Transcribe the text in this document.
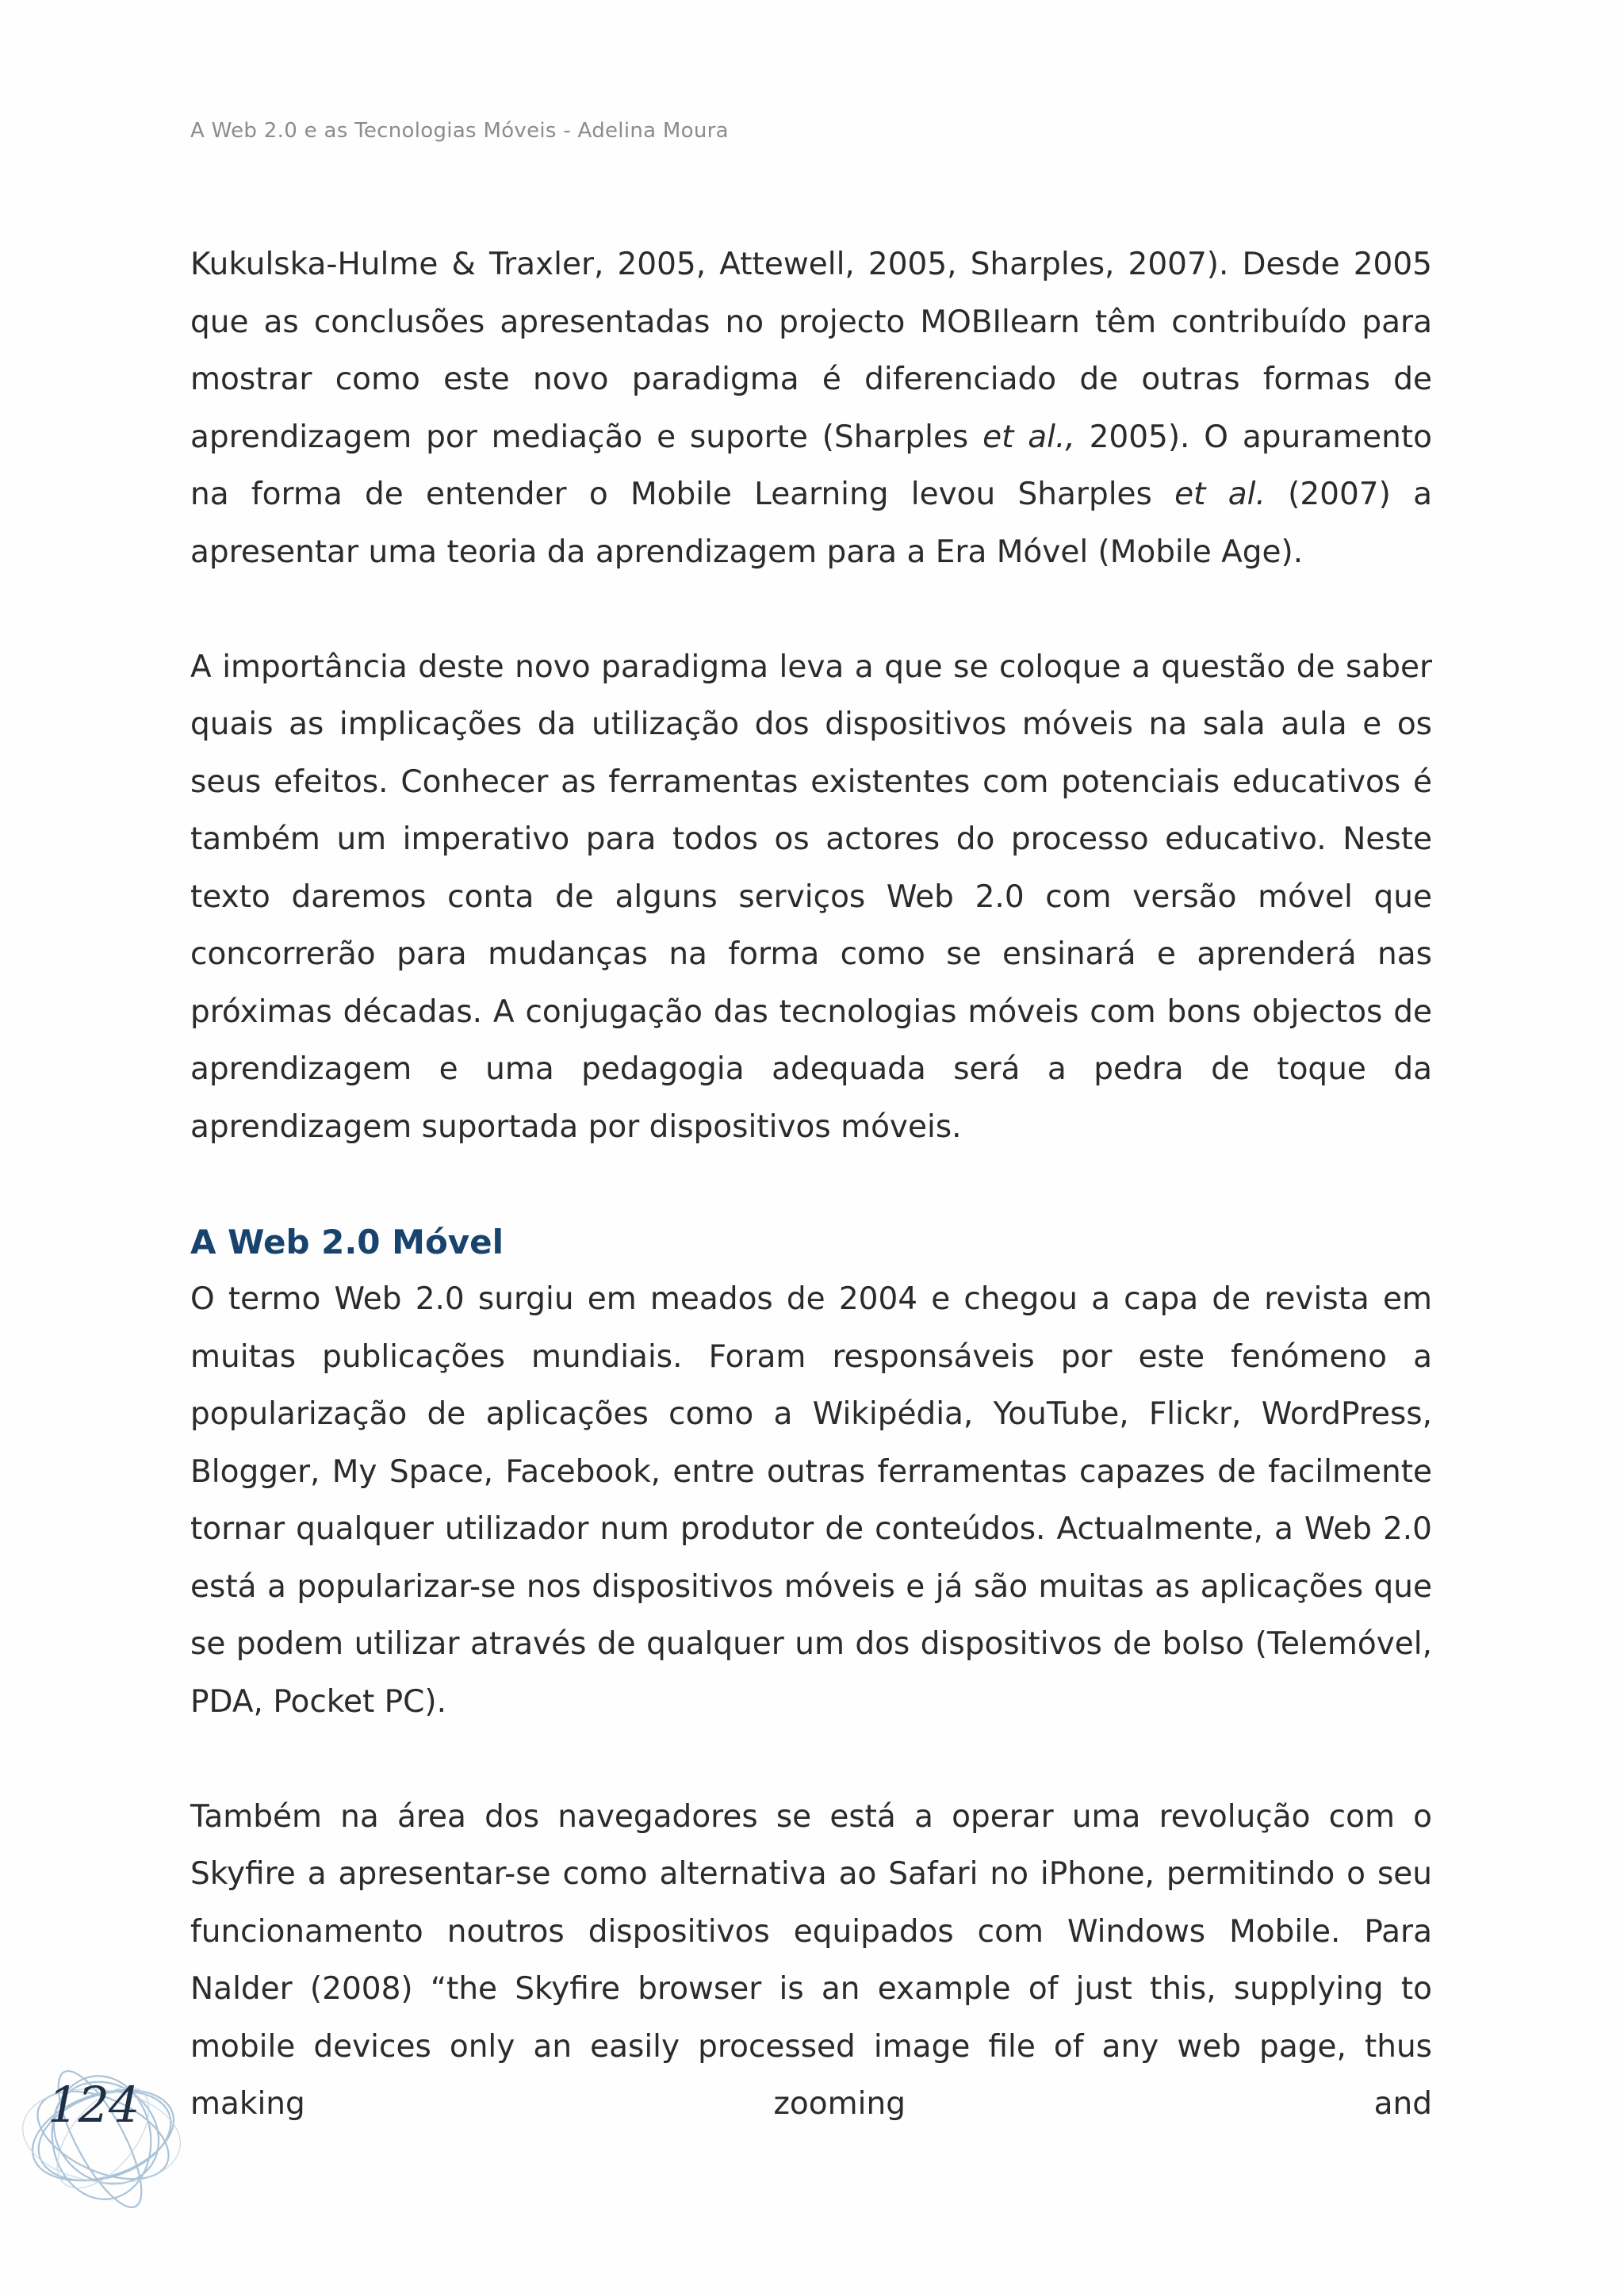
A Web 2.0 e as Tecnologias Móveis - Adelina Moura

Kukulska-Hulme & Traxler, 2005, Attewell, 2005, Sharples, 2007). Desde 2005 que as conclusões apresentadas no projecto MOBIlearn têm contribuído para mostrar como este novo paradigma é diferenciado de outras formas de aprendizagem por mediação e suporte (Sharples et al., 2005). O apuramento na forma de entender o Mobile Learning levou Sharples et al. (2007) a apresentar uma teoria da aprendizagem para a Era Móvel (Mobile Age).

A importância deste novo paradigma leva a que se coloque a questão de saber quais as implicações da utilização dos dispositivos móveis na sala aula e os seus efeitos. Conhecer as ferramentas existentes com potenciais educativos é também um imperativo para todos os actores do processo educativo. Neste texto daremos conta de alguns serviços Web 2.0 com versão móvel que concorrerão para mudanças na forma como se ensinará e aprenderá nas próximas décadas. A conjugação das tecnologias móveis com bons objectos de aprendizagem e uma pedagogia adequada será a pedra de toque da aprendizagem suportada por dispositivos móveis.

A Web 2.0 Móvel

O termo Web 2.0 surgiu em meados de 2004 e chegou a capa de revista em muitas publicações mundiais. Foram responsáveis por este fenómeno a popularização de aplicações como a Wikipédia, YouTube, Flickr, WordPress, Blogger, My Space, Facebook, entre outras ferramentas capazes de facilmente tornar qualquer utilizador num produtor de conteúdos. Actualmente, a Web 2.0 está a popularizar-se nos dispositivos móveis e já são muitas as aplicações que se podem utilizar através de qualquer um dos dispositivos de bolso (Telemóvel, PDA, Pocket PC).

Também na área dos navegadores se está a operar uma revolução com o Skyfire a apresentar-se como alternativa ao Safari no iPhone, permitindo o seu funcionamento noutros dispositivos equipados com Windows Mobile. Para Nalder (2008) “the Skyfire browser is an example of just this, supplying to mobile devices only an easily processed image file of any web page, thus making zooming and

124
